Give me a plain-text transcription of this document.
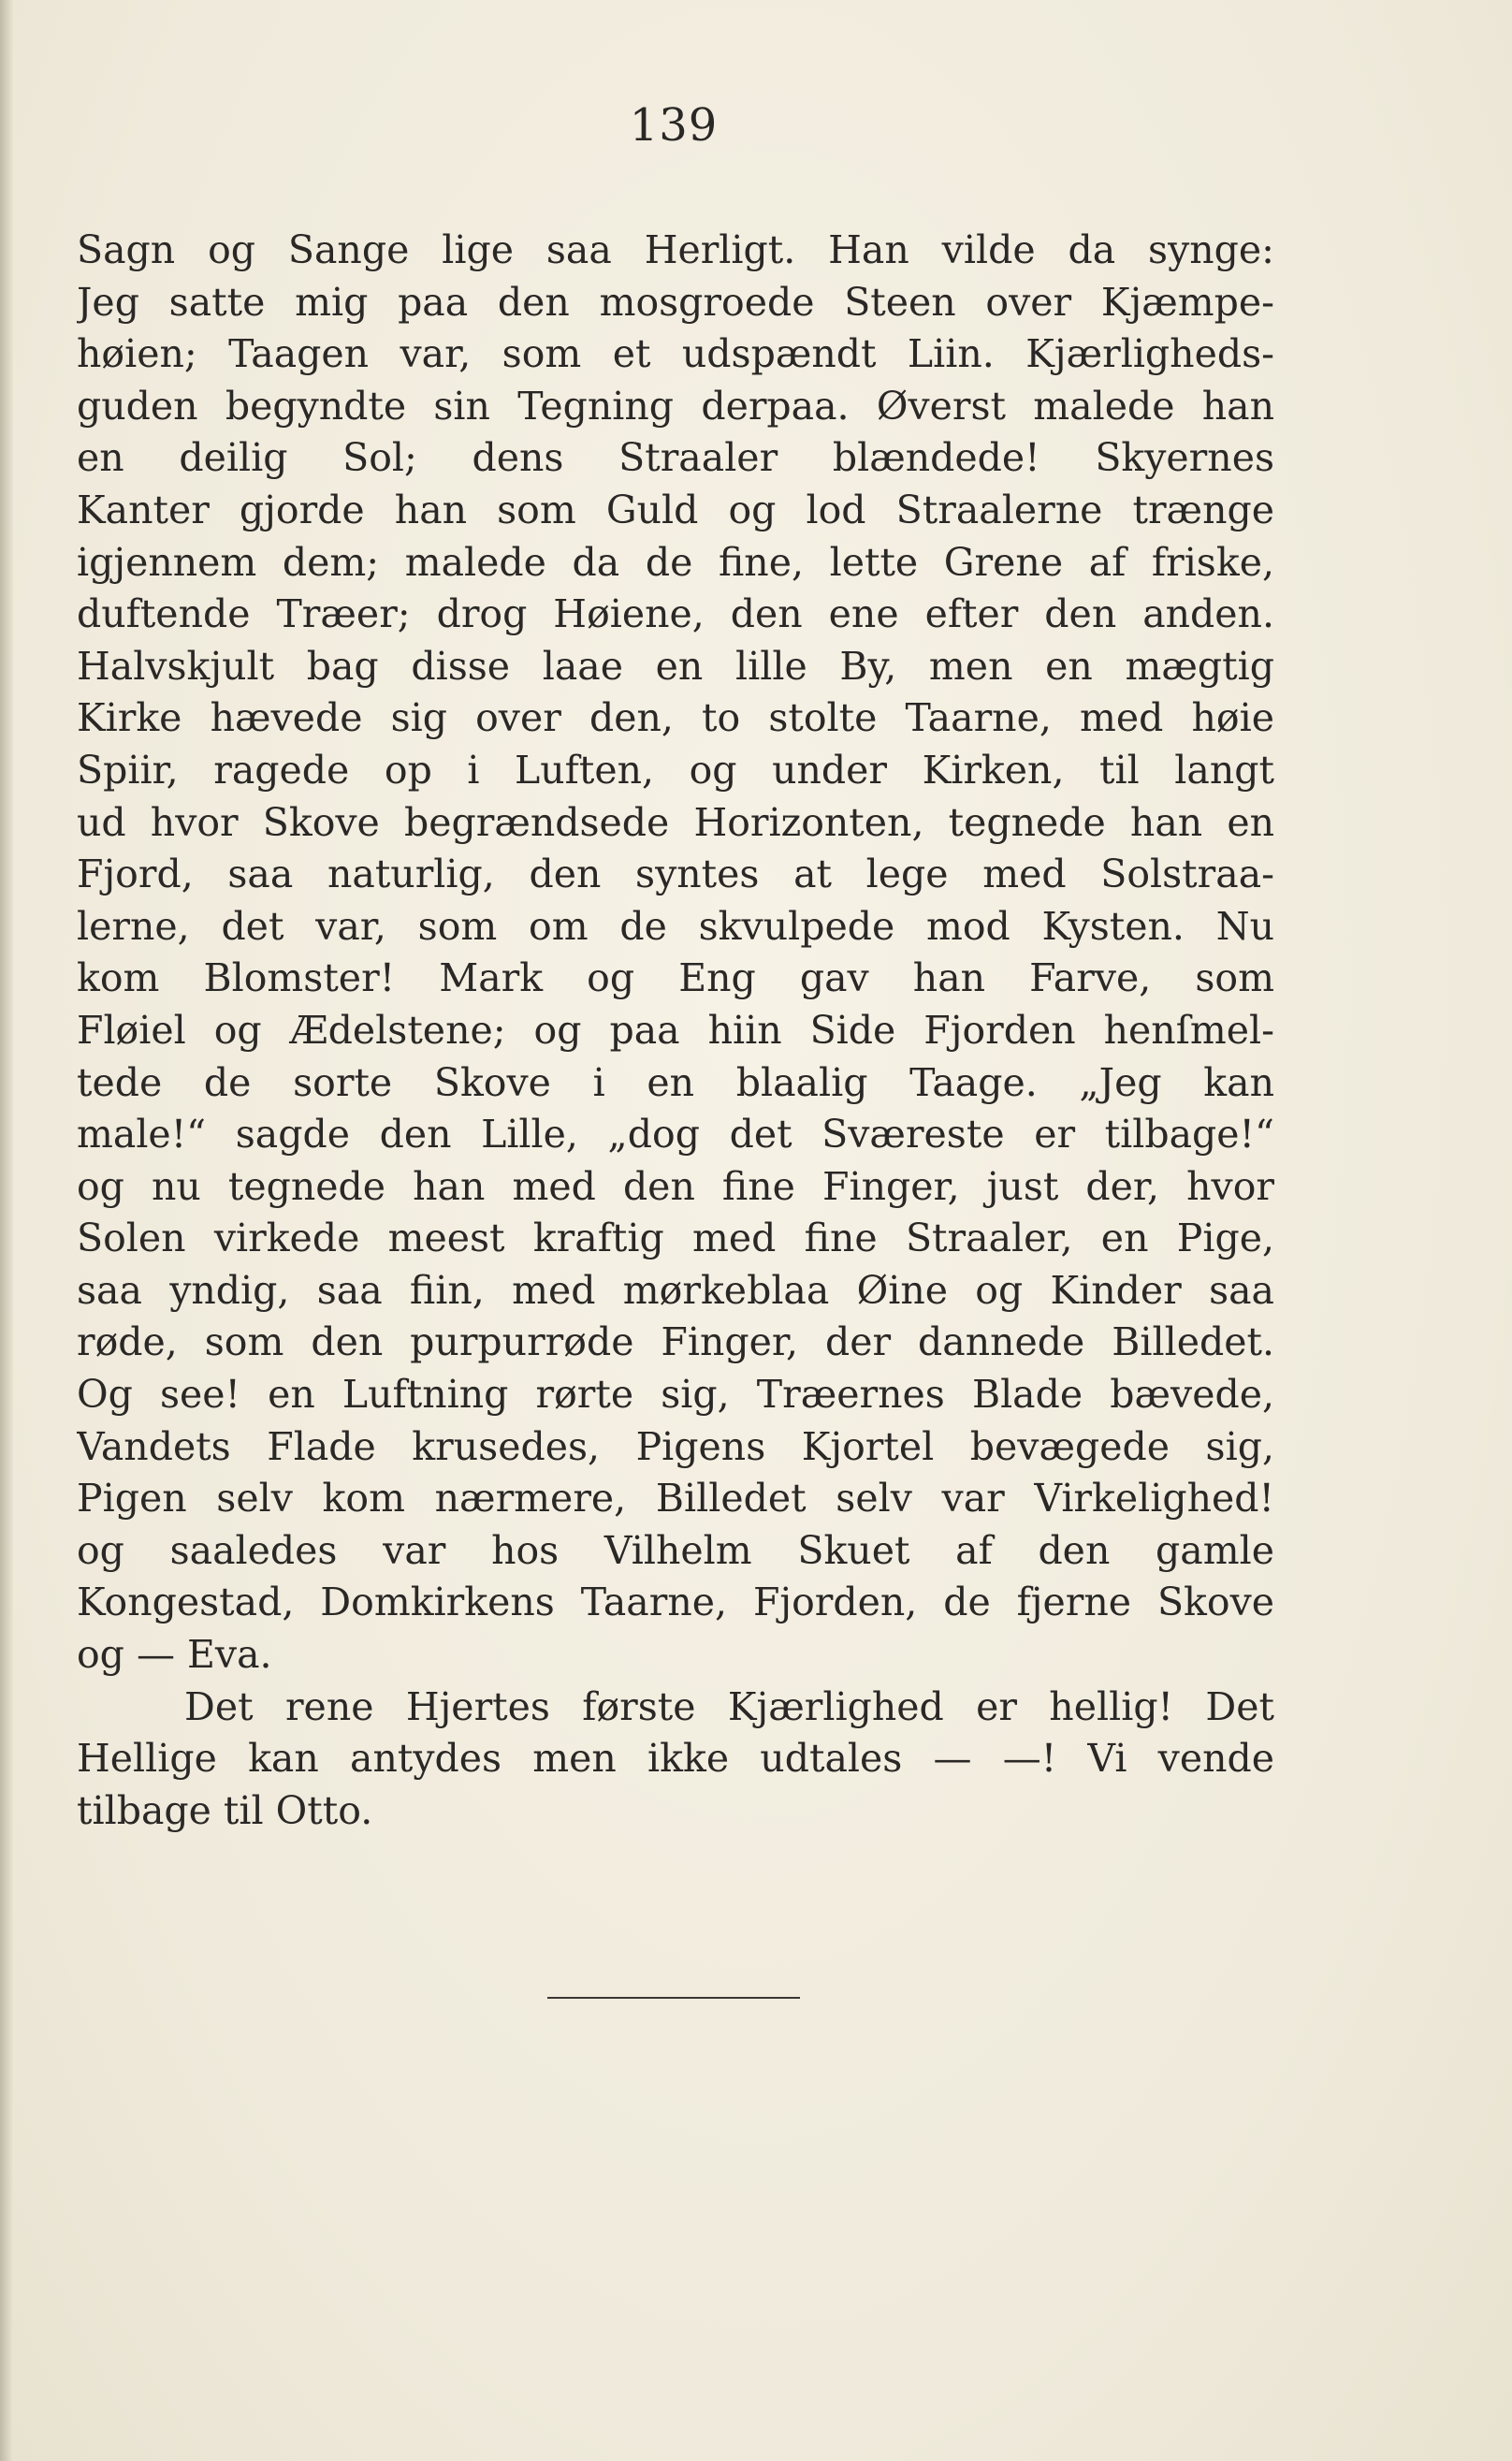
139
Sagn og Sange lige saa Herligt. Han vilde da synge:
Jeg satte mig paa den mosgroede Steen over Kjæmpe-
høien; Taagen var, som et udspændt Liin. Kjærligheds-
guden begyndte sin Tegning derpaa. Øverst malede han
en deilig Sol; dens Straaler blændede! Skyernes
Kanter gjorde han som Guld og lod Straalerne trænge
igjennem dem; malede da de fine, lette Grene af friske,
duftende Træer; drog Høiene, den ene efter den anden.
Halvskjult bag disse laae en lille By, men en mægtig
Kirke hævede sig over den, to stolte Taarne, med høie
Spiir, ragede op i Luften, og under Kirken, til langt
ud hvor Skove begrændsede Horizonten, tegnede han en
Fjord, saa naturlig, den syntes at lege med Solstraa-
lerne, det var, som om de skvulpede mod Kysten. Nu
kom Blomster! Mark og Eng gav han Farve, som
Fløiel og Ædelstene; og paa hiin Side Fjorden henſmel-
tede de sorte Skove i en blaalig Taage. „Jeg kan
male!“ sagde den Lille, „dog det Sværeste er tilbage!“
og nu tegnede han med den fine Finger, just der, hvor
Solen virkede meest kraftig med fine Straaler, en Pige,
saa yndig, saa fiin, med mørkeblaa Øine og Kinder saa
røde, som den purpurrøde Finger, der dannede Billedet.
Og see! en Luftning rørte sig, Træernes Blade bævede,
Vandets Flade krusedes, Pigens Kjortel bevægede sig,
Pigen selv kom nærmere, Billedet selv var Virkelighed!
og saaledes var hos Vilhelm Skuet af den gamle
Kongestad, Domkirkens Taarne, Fjorden, de fjerne Skove
og — Eva.
Det rene Hjertes første Kjærlighed er hellig! Det
Hellige kan antydes men ikke udtales — —! Vi vende
tilbage til Otto.
